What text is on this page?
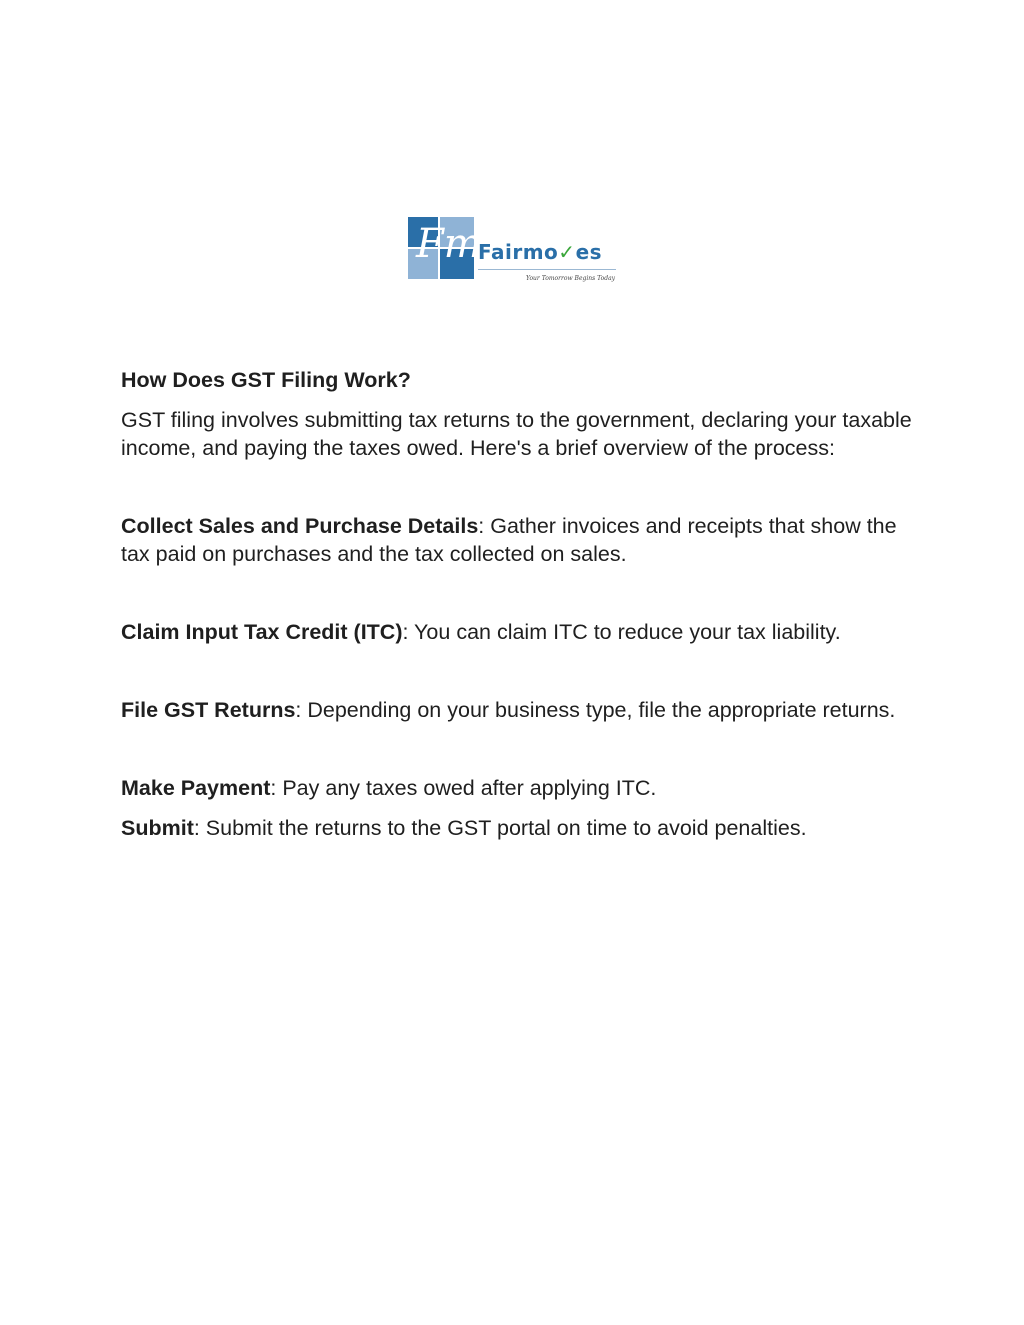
Fm
Fairmo✓es
Your Tomorrow Begins Today

How Does GST Filing Work?

GST filing involves submitting tax returns to the government, declaring your taxable income, and paying the taxes owed. Here's a brief overview of the process:

Collect Sales and Purchase Details: Gather invoices and receipts that show the tax paid on purchases and the tax collected on sales.

Claim Input Tax Credit (ITC): You can claim ITC to reduce your tax liability.

File GST Returns: Depending on your business type, file the appropriate returns.

Make Payment: Pay any taxes owed after applying ITC.

Submit: Submit the returns to the GST portal on time to avoid penalties.
